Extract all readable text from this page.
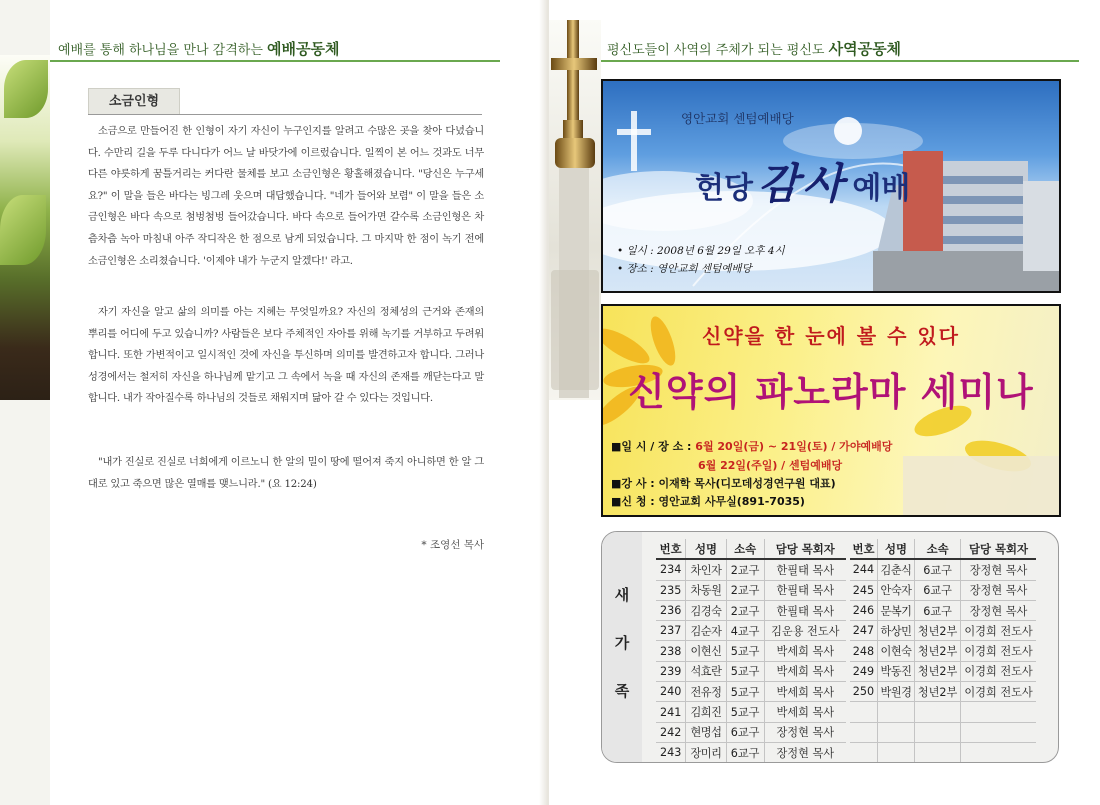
예배를 통해 하나님을 만나 감격하는 예배공동체
소금인형

소금으로 만들어진 한 인형이 자기 자신이 누구인지를 알려고 수많은 곳을 찾아 다녔습니다. 수만리 길을 두루 다니다가 어느 날 바닷가에 이르렀습니다. 일찍이 본 어느 것과도 너무 다른 야릇하게 꿈틀거리는 커다란 물체를 보고 소금인형은 황홀해졌습니다. "당신은 누구세요?" 이 말을 들은 바다는 빙그레 웃으며 대답했습니다. "네가 들어와 보렴" 이 말을 들은 소금인형은 바다 속으로 첨벙첨벙 들어갔습니다. 바다 속으로 들어가면 갈수록 소금인형은 차츰차츰 녹아 마침내 아주 작디작은 한 점으로 남게 되었습니다. 그 마지막 한 점이 녹기 전에 소금인형은 소리쳤습니다. '이제야 내가 누군지 알겠다!' 라고.

자기 자신을 알고 삶의 의미를 아는 지혜는 무엇일까요? 자신의 정체성의 근거와 존재의 뿌리를 어디에 두고 있습니까? 사람들은 보다 주체적인 자아를 위해 녹기를 거부하고 두려워합니다. 또한 가변적이고 일시적인 것에 자신을 투신하며 의미를 발견하고자 합니다. 그러나 성경에서는 철저히 자신을 하나님께 맡기고 그 속에서 녹을 때 자신의 존재를 깨닫는다고 말합니다. 내가 작아질수록 하나님의 것들로 채워지며 닮아 갈 수 있다는 것입니다.

"내가 진실로 진실로 너희에게 이르노니 한 알의 밀이 땅에 떨어져 죽지 아니하면 한 알 그대로 있고 죽으면 많은 열매를 맺느니라." (요 12:24)

* 조영선 목사
평신도들이 사역의 주체가 되는 평신도 사역공동체
영안교회 센텀예배당
헌당 감사 예배
• 일시 : 2008년 6월 29일 오후 4시
• 장소 : 영안교회 센텀예배당
신약을 한 눈에 볼 수 있다
신약의 파노라마 세미나
■일 시 / 장 소 : 6월 20일(금) ~ 21일(토) / 가야예배당
6월 22일(주일) / 센텀예배당
■강 사 : 이재학 목사(디모데성경연구원 대표)
■신 청 : 영안교회 사무실(891-7035)
새
가
족
번호	성명	소속	담당 목회자
234	차인자	2교구	한필태 목사
235	차동원	2교구	한필태 목사
236	김경숙	2교구	한필태 목사
237	김순자	4교구	김운용 전도사
238	이현신	5교구	박세희 목사
239	석효란	5교구	박세희 목사
240	전유정	5교구	박세희 목사
241	김희진	5교구	박세희 목사
242	현명섭	6교구	장정현 목사
243	장미리	6교구	장정현 목사
번호	성명	소속	담당 목회자
244	김춘식	6교구	장정현 목사
245	안숙자	6교구	장정현 목사
246	문복기	6교구	장정현 목사
247	하상민	청년2부	이경희 전도사
248	이현숙	청년2부	이경희 전도사
249	박동진	청년2부	이경희 전도사
250	박원경	청년2부	이경희 전도사
